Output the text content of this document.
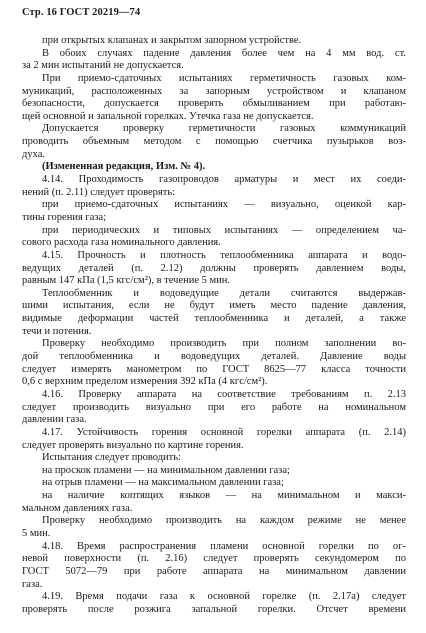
Стр. 16 ГОСТ 20219—74
при открытых клапанах и закрытом запорном устройстве.
В обоих случаях падение давления более чем на 4 мм вод. ст.
за 2 мин испытаний не допускается.
При приемо-сдаточных испытаниях герметичность газовых ком-
муникаций, расположенных за запорным устройством и клапаном
безопасности, допускается проверять обмыливанием при работаю-
щей основной и запальной горелках. Утечка газа не допускается.
Допускается проверку герметичности газовых коммуникаций
проводить объемным методом с помощью счетчика пузырьков воз-
духа.
(Измененная редакция, Изм. № 4).
4.14. Проходимость газопроводов арматуры и мест их соеди-
нений (п. 2.11) следует проверять:
при приемо-сдаточных испытаниях — визуально, оценкой кар-
тины горения газа;
при периодических и типовых испытаниях — определением ча-
сового расхода газа номинального давления.
4.15. Прочность и плотность теплообменника аппарата и водо-
ведущих деталей (п. 2.12) должны проверять давлением воды,
равным 147 кПа (1,5 кгс/см²), в течение 5 мин.
Теплообменник и водоведущие детали считаются выдержав-
шими испытания, если не будут иметь место падение давления,
видимые деформации частей теплообменника и деталей, а также
течи и потения.
Проверку необходимо производить при полном заполнении во-
дой теплообменника и водоведущих деталей. Давление воды
следует измерять манометром по ГОСТ 8625—77 класса точности
0,6 с верхним пределом измерения 392 кПа (4 кгс/см²).
4.16. Проверку аппарата на соответствие требованиям п. 2.13
следует производить визуально при его работе на номинальном
давлении газа.
4.17. Устойчивость горения основной горелки аппарата (п. 2.14)
следует проверять визуально по картине горения.
Испытания следует проводить:
на проскок пламени — на минимальном давлении газа;
на отрыв пламени — на максимальном давлении газа;
на наличие коптящих языков — на минимальном и макси-
мальном давлениях газа.
Проверку необходимо производить на каждом режиме не менее
5 мин.
4.18. Время распространения пламени основной горелки по ог-
невой поверхности (п. 2.16) следует проверять секундомером по
ГОСТ 5072—79 при работе аппарата на минимальном давлении
газа.
4.19. Время подачи газа к основной горелке (п. 2.17а) следует
проверять после розжига запальной горелки. Отсчет времени
